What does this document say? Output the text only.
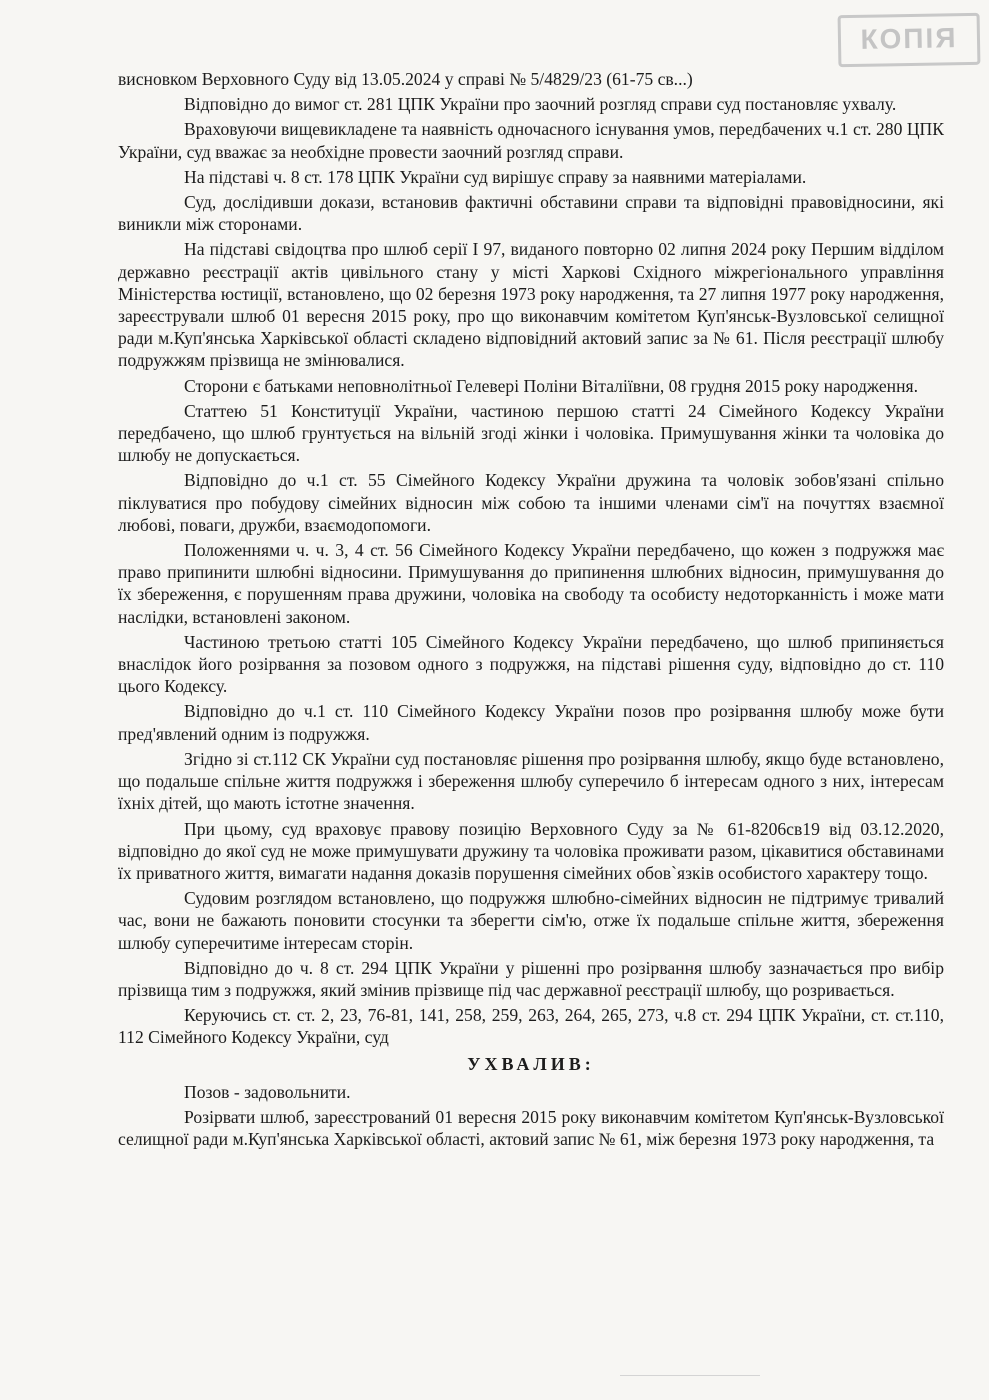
КОПІЯ

висновком Верховного Суду від 13.05.2024 у справі № 5/4829/23 (61-75 св...)

Відповідно до вимог ст. 281 ЦПК України про заочний розгляд справи суд постановляє ухвалу.

Враховуючи вищевикладене та наявність одночасного існування умов, передбачених ч.1 ст. 280 ЦПК України, суд вважає за необхідне провести заочний розгляд справи.

На підставі ч. 8 ст. 178 ЦПК України суд вирішує справу за наявними матеріалами.

Суд, дослідивши докази, встановив фактичні обставини справи та відповідні правовідносини, які виникли між сторонами.

На підставі свідоцтва про шлюб серії І 97, виданого повторно 02 липня 2024 року Першим відділом державно реєстрації актів цивільного стану у місті Харкові Східного міжрегіонального управління Міністерства юстиції, встановлено, що 02 березня 1973 року народження, та 27 липня 1977 року народження, зареєстрували шлюб 01 вересня 2015 року, про що виконавчим комітетом Куп'янськ-Вузловської селищної ради м.Куп'янська Харківської області складено відповідний актовий запис за № 61. Після реєстрації шлюбу подружжям прізвища не змінювалися.

Сторони є батьками неповнолітньої Гелевері Поліни Віталіївни, 08 грудня 2015 року народження.

Статтею 51 Конституції України, частиною першою статті 24 Сімейного Кодексу України передбачено, що шлюб грунтується на вільній згоді жінки і чоловіка. Примушування жінки та чоловіка до шлюбу не допускається.

Відповідно до ч.1 ст. 55 Сімейного Кодексу України дружина та чоловік зобов'язані спільно піклуватися про побудову сімейних відносин між собою та іншими членами сім'ї на почуттях взаємної любові, поваги, дружби, взаємодопомоги.

Положеннями ч. ч. 3, 4 ст. 56 Сімейного Кодексу України передбачено, що кожен з подружжя має право припинити шлюбні відносини. Примушування до припинення шлюбних відносин, примушування до їх збереження, є порушенням права дружини, чоловіка на свободу та особисту недоторканність і може мати наслідки, встановлені законом.

Частиною третьою статті 105 Сімейного Кодексу України передбачено, що шлюб припиняється внаслідок його розірвання за позовом одного з подружжя, на підставі рішення суду, відповідно до ст. 110 цього Кодексу.

Відповідно до ч.1 ст. 110 Сімейного Кодексу України позов про розірвання шлюбу може бути пред'явлений одним із подружжя.

Згідно зі ст.112 СК України суд постановляє рішення про розірвання шлюбу, якщо буде встановлено, що подальше спільне життя подружжя і збереження шлюбу суперечило б інтересам одного з них, інтересам їхніх дітей, що мають істотне значення.

При цьому, суд враховує правову позицію Верховного Суду за № 61-8206св19 від 03.12.2020, відповідно до якої суд не може примушувати дружину та чоловіка проживати разом, цікавитися обставинами їх приватного життя, вимагати надання доказів порушення сімейних обов`язків особистого характеру тощо.

Судовим розглядом встановлено, що подружжя шлюбно-сімейних відносин не підтримує тривалий час, вони не бажають поновити стосунки та зберегти сім'ю, отже їх подальше спільне життя, збереження шлюбу суперечитиме інтересам сторін.

Відповідно до ч. 8 ст. 294 ЦПК України у рішенні про розірвання шлюбу зазначається про вибір прізвища тим з подружжя, який змінив прізвище під час державної реєстрації шлюбу, що розривається.

Керуючись ст. ст. 2, 23, 76-81, 141, 258, 259, 263, 264, 265, 273, ч.8 ст. 294 ЦПК України, ст. ст.110, 112 Сімейного Кодексу України, суд

УХВАЛИВ:

Позов - задовольнити.

Розірвати шлюб, зареєстрований 01 вересня 2015 року виконавчим комітетом Куп'янськ-Вузловської селищної ради м.Куп'янська Харківської області, актовий запис № 61, між березня 1973 року народження, та
